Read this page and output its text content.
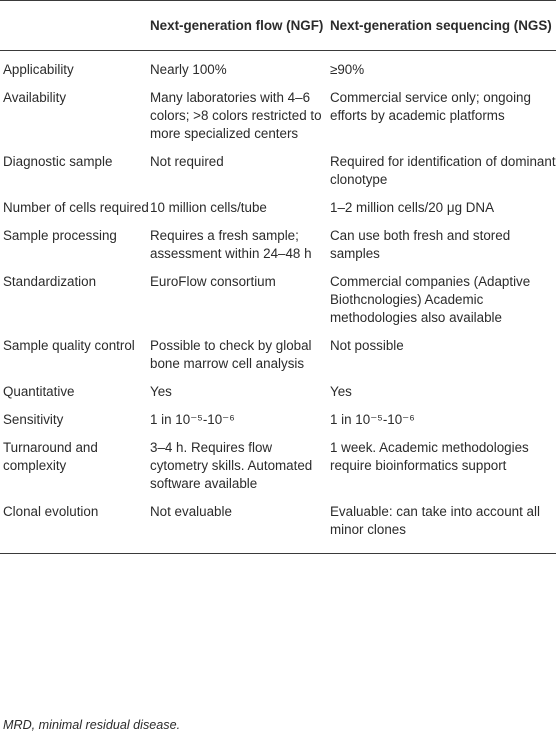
	Next-generation flow (NGF)	Next-generation sequencing (NGS)
Applicability	Nearly 100%	≥90%
Availability	Many laboratories with 4–6 colors; >8 colors restricted to more specialized centers	Commercial service only; ongoing efforts by academic platforms
Diagnostic sample	Not required	Required for identification of dominant clonotype
Number of cells required	10 million cells/tube	1–2 million cells/20 μg DNA
Sample processing	Requires a fresh sample; assessment within 24–48 h	Can use both fresh and stored samples
Standardization	EuroFlow consortium	Commercial companies (Adaptive Biothcnologies) Academic methodologies also available
Sample quality control	Possible to check by global bone marrow cell analysis	Not possible
Quantitative	Yes	Yes
Sensitivity	1 in 10⁻⁵-10⁻⁶	1 in 10⁻⁵-10⁻⁶
Turnaround and complexity	3–4 h. Requires flow cytometry skills. Automated software available	1 week. Academic methodologies require bioinformatics support
Clonal evolution	Not evaluable	Evaluable: can take into account all minor clones
MRD, minimal residual disease.
